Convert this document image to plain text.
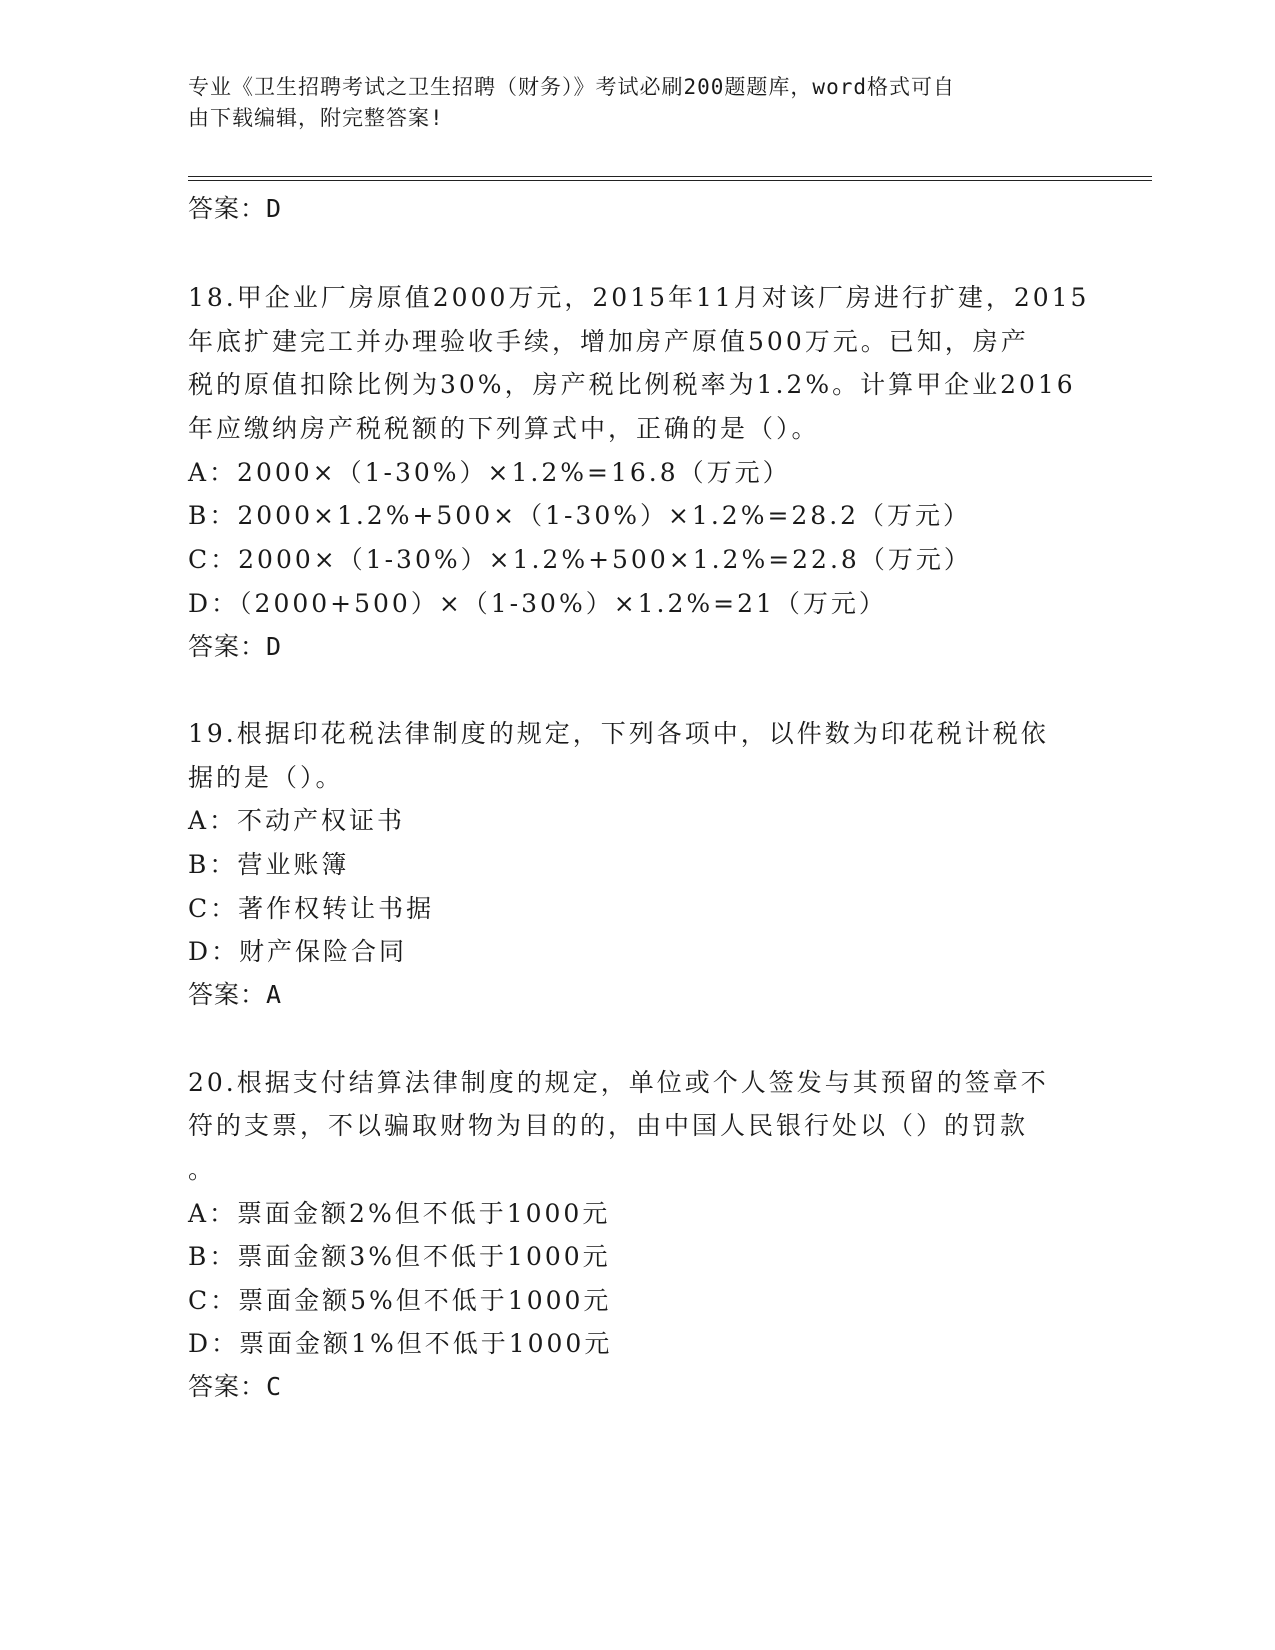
专业《卫生招聘考试之卫生招聘（财务）》考试必刷200题题库，word格式可自
由下载编辑，附完整答案!
答案：D
18.甲企业厂房原值2000万元，2015年11月对该厂房进行扩建，2015
年底扩建完工并办理验收手续，增加房产原值500万元。已知，房产
税的原值扣除比例为30%，房产税比例税率为1.2%。计算甲企业2016
年应缴纳房产税税额的下列算式中，正确的是（）。
A：2000×（1-30%）×1.2%=16.8（万元）
B：2000×1.2%+500×（1-30%）×1.2%=28.2（万元）
C：2000×（1-30%）×1.2%+500×1.2%=22.8（万元）
D：（2000+500）×（1-30%）×1.2%=21（万元）
答案：D
19.根据印花税法律制度的规定，下列各项中，以件数为印花税计税依
据的是（）。
A：不动产权证书
B：营业账簿
C：著作权转让书据
D：财产保险合同
答案：A
20.根据支付结算法律制度的规定，单位或个人签发与其预留的签章不
符的支票，不以骗取财物为目的的，由中国人民银行处以（）的罚款
。
A：票面金额2%但不低于1000元
B：票面金额3%但不低于1000元
C：票面金额5%但不低于1000元
D：票面金额1%但不低于1000元
答案：C
